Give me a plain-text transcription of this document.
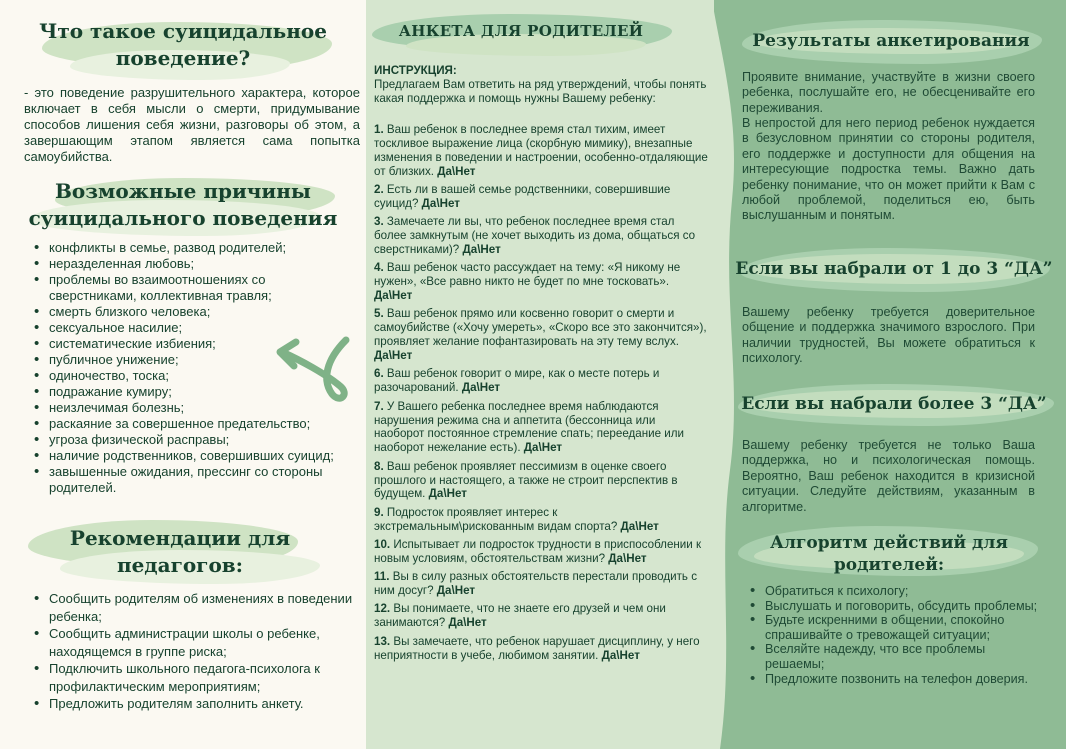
Что такое суицидальное поведение?

- это поведение разрушительного характера, которое включает в себя мысли о смерти, придумывание способов лишения себя жизни, разговоры об этом, а завершающим этапом является сама попытка самоубийства.

Возможные причины суицидального поведения
• конфликты в семье, развод родителей;
• неразделенная любовь;
• проблемы во взаимоотношениях со сверстниками, коллективная травля;
• смерть близкого человека;
• сексуальное насилие;
• систематические избиения;
• публичное унижение;
• одиночество, тоска;
• подражание кумиру;
• неизлечимая болезнь;
• раскаяние за совершенное предательство;
• угроза физической расправы;
• наличие родственников, совершивших суицид;
• завышенные ожидания, прессинг со стороны родителей.
Рекомендации для педагогов:
• Сообщить родителям об изменениях в поведении ребенка;
• Сообщить администрации школы о ребенке, находящемся в группе риска;
• Подключить школьного педагога-психолога к профилактическим мероприятиям;
• Предложить родителям заполнить анкету.
АНКЕТА ДЛЯ РОДИТЕЛЕЙ
ИНСТРУКЦИЯ:
Предлагаем Вам ответить на ряд утверждений, чтобы понять какая поддержка и помощь нужны Вашему ребенку:
1. Ваш ребенок в последнее время стал тихим, имеет тоскливое выражение лица (скорбную мимику), внезапные изменения в поведении и настроении, особенно-отдаляющие от близких. Да\Нет
2. Есть ли в вашей семье родственники, совершившие суицид? Да\Нет
3. Замечаете ли вы, что ребенок последнее время стал более замкнутым (не хочет выходить из дома, общаться со сверстниками)? Да\Нет
4. Ваш ребенок часто рассуждает на тему: «Я никому не нужен», «Все равно никто не будет по мне тосковать». Да\Нет
5. Ваш ребенок прямо или косвенно говорит о смерти и самоубийстве («Хочу умереть», «Скоро все это закончится»), проявляет желание пофантазировать на эту тему вслух. Да\Нет
6. Ваш ребенок говорит о мире, как о месте потерь и разочарований. Да\Нет
7. У Вашего ребенка последнее время наблюдаются нарушения режима сна и аппетита (бессонница или наоборот постоянное стремление спать; переедание или наоборот нежелание есть). Да\Нет
8. Ваш ребенок проявляет пессимизм в оценке своего прошлого и настоящего, а также не строит перспектив в будущем. Да\Нет
9. Подросток проявляет интерес к экстремальным\рискованным видам спорта? Да\Нет
10. Испытывает ли подросток трудности в приспособлении к новым условиям, обстоятельствам жизни? Да\Нет
11. Вы в силу разных обстоятельств перестали проводить с ним досуг? Да\Нет
12. Вы понимаете, что не знаете его друзей и чем они занимаются? Да\Нет
13. Вы замечаете, что ребенок нарушает дисциплину, у него неприятности в учебе, любимом занятии. Да\Нет
Результаты анкетирования

Проявите внимание, участвуйте в жизни своего ребенка, послушайте его, не обесценивайте его переживания.

В непростой для него период ребенок нуждается в безусловном принятии со стороны родителя, его поддержке и доступности для общения на интересующие подростка темы. Важно дать ребенку понимание, что он может прийти к Вам с любой проблемой, поделиться ею, быть выслушанным и понятым.

Если вы набрали от 1 до 3 “ДА”

Вашему ребенку требуется доверительное общение и поддержка значимого взрослого. При наличии трудностей, Вы можете обратиться к психологу.

Если вы набрали более 3 “ДА”

Вашему ребенку требуется не только Ваша поддержка, но и психологическая помощь. Вероятно, Ваш ребенок находится в кризисной ситуации. Следуйте действиям, указанным в алгоритме.

Алгоритм действий для родителей:
• Обратиться к психологу;
• Выслушать и поговорить, обсудить проблемы;
• Будьте искренними в общении, спокойно спрашивайте о тревожащей ситуации;
• Вселяйте надежду, что все проблемы решаемы;
• Предложите позвонить на телефон доверия.
